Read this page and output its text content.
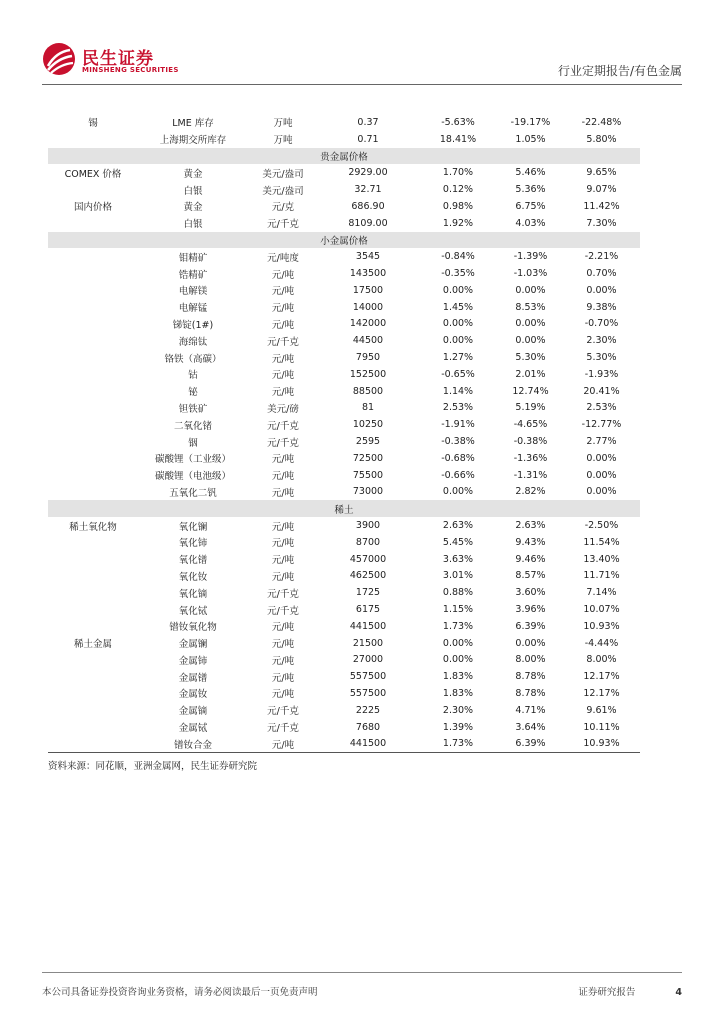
民生证券
MINSHENG SECURITIES	行业定期报告/有色金属
锡	LME 库存	万吨	0.37	-5.63%	-19.17%	-22.48%
	上海期交所库存	万吨	0.71	18.41%	1.05%	5.80%
贵金属价格						
COMEX 价格	黄金	美元/盎司	2929.00	1.70%	5.46%	9.65%
	白银	美元/盎司	32.71	0.12%	5.36%	9.07%
国内价格	黄金	元/克	686.90	0.98%	6.75%	11.42%
	白银	元/千克	8109.00	1.92%	4.03%	7.30%
小金属价格						
	钼精矿	元/吨度	3545	-0.84%	-1.39%	-2.21%
	锆精矿	元/吨	143500	-0.35%	-1.03%	0.70%
	电解镁	元/吨	17500	0.00%	0.00%	0.00%
	电解锰	元/吨	14000	1.45%	8.53%	9.38%
	锑锭(1#)	元/吨	142000	0.00%	0.00%	-0.70%
	海绵钛	元/千克	44500	0.00%	0.00%	2.30%
	铬铁（高碳）	元/吨	7950	1.27%	5.30%	5.30%
	钴	元/吨	152500	-0.65%	2.01%	-1.93%
	铋	元/吨	88500	1.14%	12.74%	20.41%
	钽铁矿	美元/磅	81	2.53%	5.19%	2.53%
	二氧化锗	元/千克	10250	-1.91%	-4.65%	-12.77%
	铟	元/千克	2595	-0.38%	-0.38%	2.77%
	碳酸锂（工业级）	元/吨	72500	-0.68%	-1.36%	0.00%
	碳酸锂（电池级）	元/吨	75500	-0.66%	-1.31%	0.00%
	五氧化二钒	元/吨	73000	0.00%	2.82%	0.00%
稀土						
稀土氧化物	氧化镧	元/吨	3900	2.63%	2.63%	-2.50%
	氧化铈	元/吨	8700	5.45%	9.43%	11.54%
	氧化镨	元/吨	457000	3.63%	9.46%	13.40%
	氧化钕	元/吨	462500	3.01%	8.57%	11.71%
	氧化镝	元/千克	1725	0.88%	3.60%	7.14%
	氧化铽	元/千克	6175	1.15%	3.96%	10.07%
	镨钕氧化物	元/吨	441500	1.73%	6.39%	10.93%
稀土金属	金属镧	元/吨	21500	0.00%	0.00%	-4.44%
	金属铈	元/吨	27000	0.00%	8.00%	8.00%
	金属镨	元/吨	557500	1.83%	8.78%	12.17%
	金属钕	元/吨	557500	1.83%	8.78%	12.17%
	金属镝	元/千克	2225	2.30%	4.71%	9.61%
	金属铽	元/千克	7680	1.39%	3.64%	10.11%
	镨钕合金	元/吨	441500	1.73%	6.39%	10.93%
资料来源：同花顺，亚洲金属网，民生证券研究院
本公司具备证券投资咨询业务资格，请务必阅读最后一页免责声明	证券研究报告	4
